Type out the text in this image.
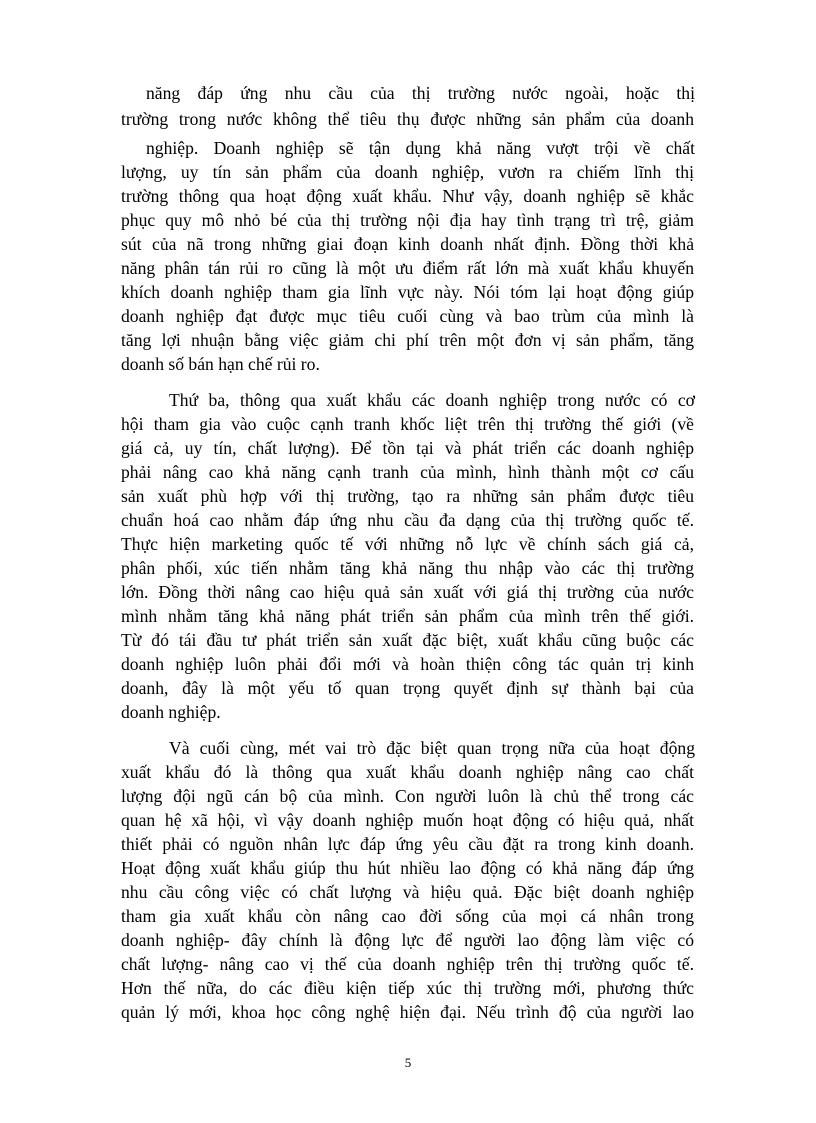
năng đáp ứng nhu cầu của thị trường nước ngoài, hoặc thị
trường trong nước không thể tiêu thụ được những sản phẩm của doanh
nghiệp. Doanh nghiệp sẽ tận dụng khả năng vượt trội về chất
lượng, uy tín sản phẩm của doanh nghiệp, vươn ra chiếm lĩnh thị
trường thông qua hoạt động xuất khẩu. Như vậy, doanh nghiệp sẽ khắc
phục quy mô nhỏ bé của thị trường nội địa hay tình trạng trì trệ, giảm
sút của nã trong những giai đoạn kinh doanh nhất định. Đồng thời khả
năng phân tán rủi ro cũng là một ưu điểm rất lớn mà xuất khẩu khuyến
khích doanh nghiệp tham gia lĩnh vực này. Nói tóm lại hoạt động giúp
doanh nghiệp đạt được mục tiêu cuối cùng và bao trùm của mình là
tăng lợi nhuận bằng việc giảm chi phí trên một đơn vị sản phẩm, tăng
doanh số bán hạn chế rủi ro.
Thứ ba, thông qua xuất khẩu các doanh nghiệp trong nước có cơ
hội tham gia vào cuộc cạnh tranh khốc liệt trên thị trường thế giới (về
giá cả, uy tín, chất lượng). Để tồn tại và phát triển các doanh nghiệp
phải nâng cao khả năng cạnh tranh của mình, hình thành một cơ cấu
sản xuất phù hợp với thị trường, tạo ra những sản phẩm được tiêu
chuẩn hoá cao nhằm đáp ứng nhu cầu đa dạng của thị trường quốc tế.
Thực hiện marketing quốc tế với những nỗ lực về chính sách giá cả,
phân phối, xúc tiến nhằm tăng khả năng thu nhập vào các thị trường
lớn. Đồng thời nâng cao hiệu quả sản xuất với giá thị trường của nước
mình nhằm tăng khả năng phát triển sản phẩm của mình trên thế giới.
Từ đó tái đầu tư phát triển sản xuất đặc biệt, xuất khẩu cũng buộc các
doanh nghiệp luôn phải đổi mới và hoàn thiện công tác quản trị kinh
doanh, đây là một yếu tố quan trọng quyết định sự thành bại của
doanh nghiệp.
Và cuối cùng, mét vai trò đặc biệt quan trọng nữa của hoạt động
xuất khẩu đó là thông qua xuất khẩu doanh nghiệp nâng cao chất
lượng đội ngũ cán bộ của mình. Con người luôn là chủ thể trong các
quan hệ xã hội, vì vậy doanh nghiệp muốn hoạt động có hiệu quả, nhất
thiết phải có nguồn nhân lực đáp ứng yêu cầu đặt ra trong kinh doanh.
Hoạt động xuất khẩu giúp thu hút nhiều lao động có khả năng đáp ứng
nhu cầu công việc có chất lượng và hiệu quả. Đặc biệt doanh nghiệp
tham gia xuất khẩu còn nâng cao đời sống của mọi cá nhân trong
doanh nghiệp- đây chính là động lực để người lao động làm việc có
chất lượng- nâng cao vị thế của doanh nghiệp trên thị trường quốc tế.
Hơn thế nữa, do các điều kiện tiếp xúc thị trường mới, phương thức
quản lý mới, khoa học công nghệ hiện đại. Nếu trình độ của người lao
5
